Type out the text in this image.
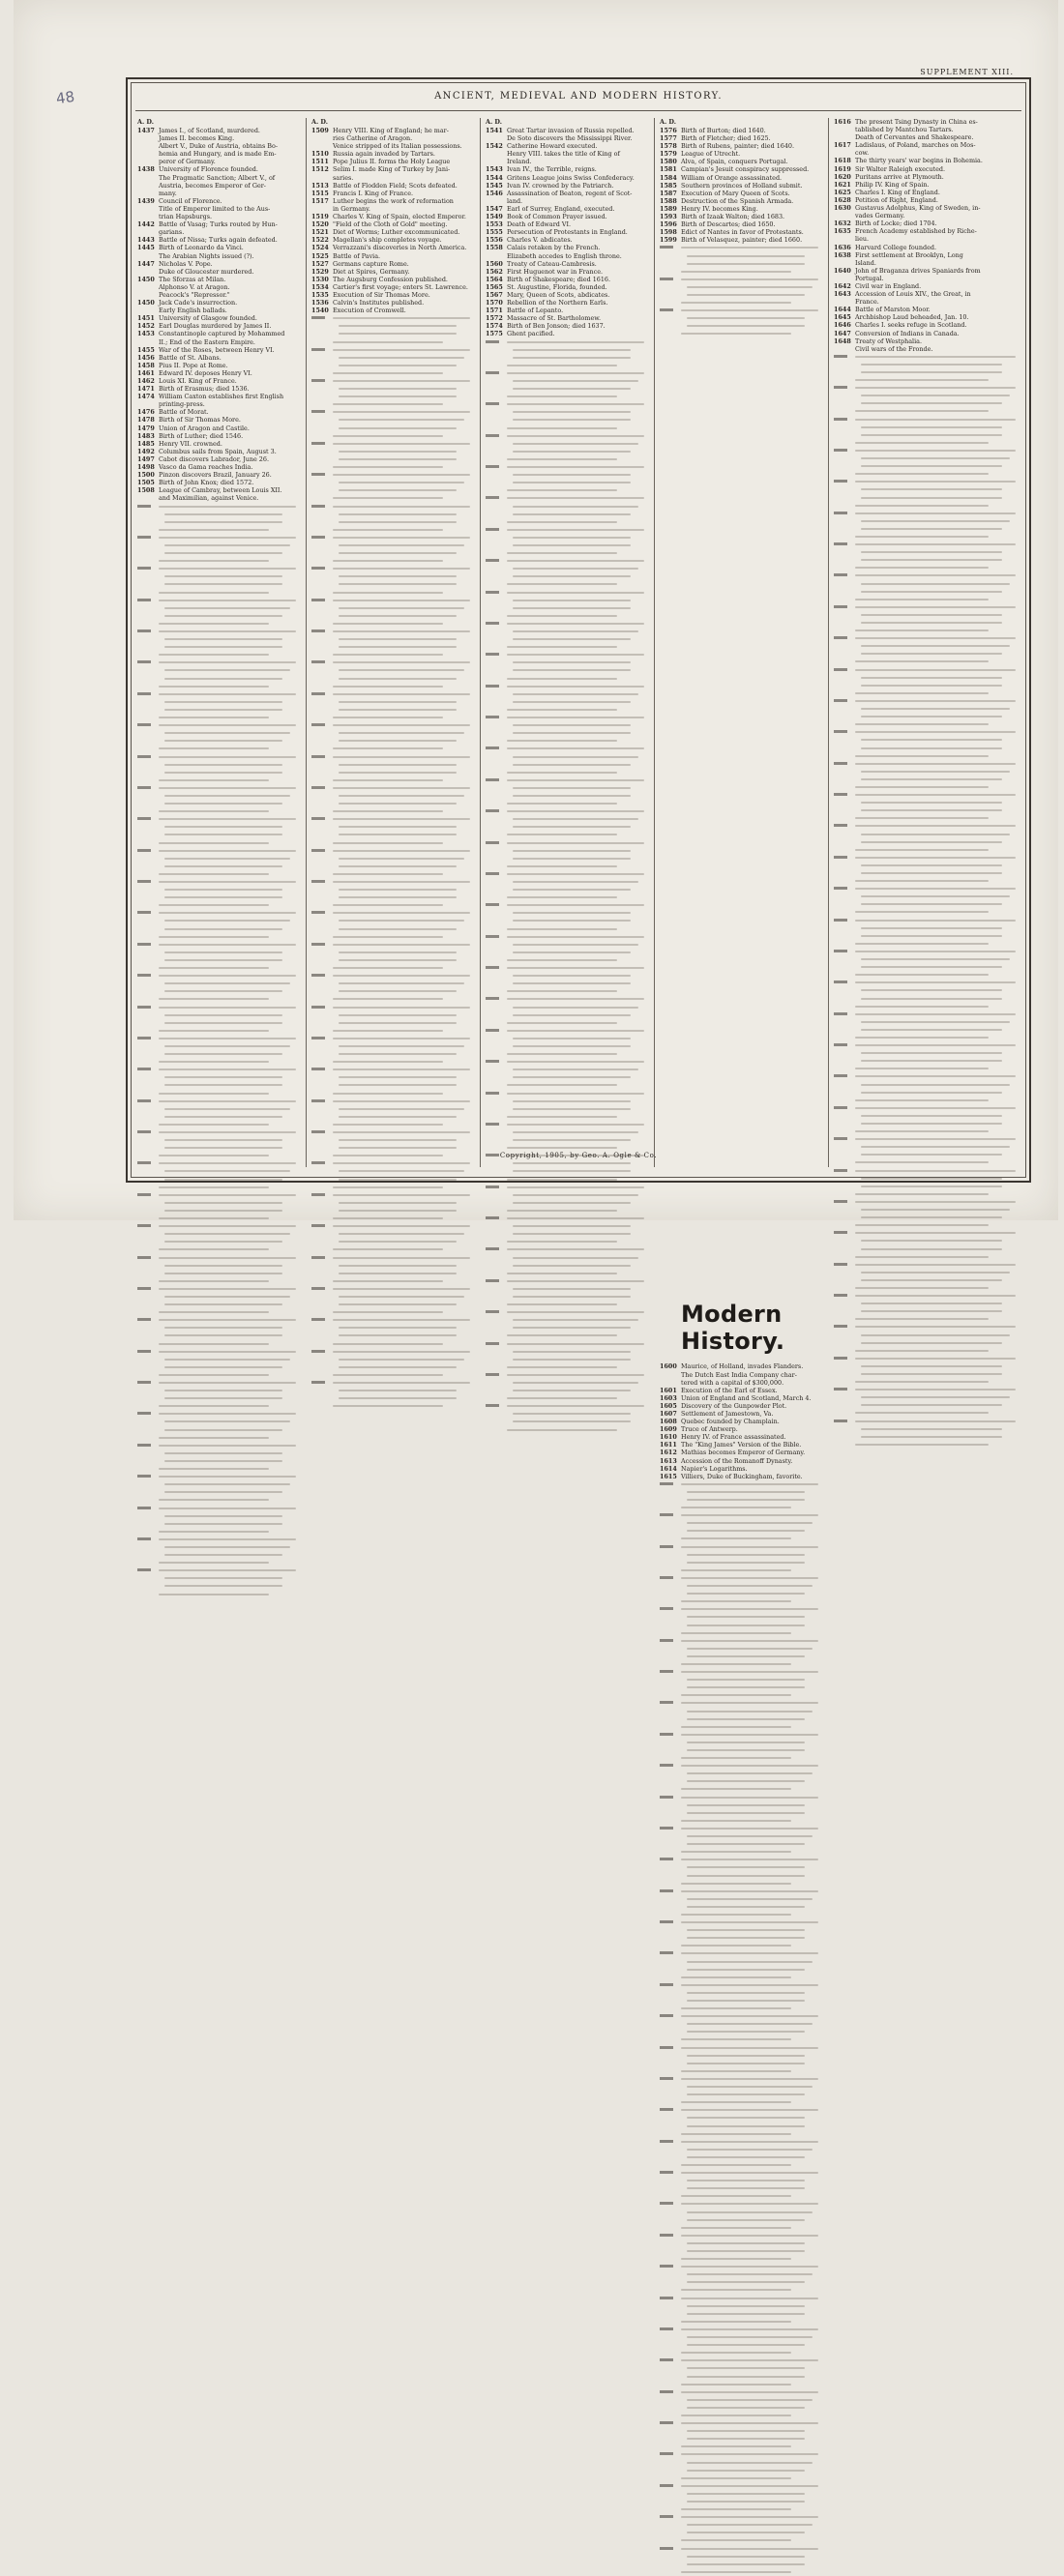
48
SUPPLEMENT XIII.
ANCIENT, MEDIEVAL AND MODERN HISTORY.
A. D.
1437 James I., of Scotland, murdered.
James II. becomes King.
Albert V., Duke of Austria, obtains Bo-
hemia and Hungary, and is made Em-
peror of Germany.
1438 University of Florence founded.
The Pragmatic Sanction; Albert V., of
Austria, becomes Emperor of Ger-
many.
1439 Council of Florence.
Title of Emperor limited to the Aus-
trian Hapsburgs.
1442 Battle of Vasag; Turks routed by Hun-
garians.
1443 Battle of Nissa; Turks again defeated.
1445 Birth of Leonardo da Vinci.
The Arabian Nights issued (?).
1447 Nicholas V. Pope.
Duke of Gloucester murdered.
1450 The Sforzas at Milan.
Alphonso V. at Aragon.
Peacock's "Repressor."
1450 Jack Cade's insurrection.
Early English ballads.
1451 University of Glasgow founded.
1452 Earl Douglas murdered by James II.
1453 Constantinople captured by Mohammed
II.; End of the Eastern Empire.
1455 War of the Roses, between Henry VI.
1456 Battle of St. Albans.
1458 Pius II. Pope at Rome.
1461 Edward IV. deposes Henry VI.
1462 Louis XI. King of France.
1471 Birth of Erasmus; died 1536.
1474 William Caxton establishes first English
printing-press.
1476 Battle of Morat.
1478 Birth of Sir Thomas More.
1479 Union of Aragon and Castile.
1483 Birth of Luther; died 1546.
1485 Henry VII. crowned.
1492 Columbus sails from Spain, August 3.
1497 Cabot discovers Labrador, June 26.
1498 Vasco da Gama reaches India.
1500 Pinzon discovers Brazil, January 26.
1505 Birth of John Knox; died 1572.
1508 League of Cambray, between Louis XII.
and Maximilian, against Venice.
A. D.
1509 Henry VIII. King of England; he mar-
ries Catherine of Aragon.
Venice stripped of its Italian possessions.
1510 Russia again invaded by Tartars.
1511 Pope Julius II. forms the Holy League
1512 Selim I. made King of Turkey by Jani-
saries.
1513 Battle of Flodden Field; Scots defeated.
1515 Francis I. King of France.
1517 Luther begins the work of reformation
in Germany.
1519 Charles V. King of Spain, elected Emperor.
1520 "Field of the Cloth of Gold" meeting.
1521 Diet of Worms; Luther excommunicated.
1522 Magellan's ship completes voyage.
1524 Verrazzani's discoveries in North America.
1525 Battle of Pavia.
1527 Germans capture Rome.
1529 Diet at Spires, Germany.
1530 The Augsburg Confession published.
1534 Cartier's first voyage; enters St. Lawrence.
1535 Execution of Sir Thomas More.
1536 Calvin's Institutes published.
1540 Execution of Cromwell.
A. D.
1541 Great Tartar invasion of Russia repelled.
De Soto discovers the Mississippi River.
1542 Catherine Howard executed.
Henry VIII. takes the title of King of
Ireland.
1543 Ivan IV., the Terrible, reigns.
1544 Gritens League joins Swiss Confederacy.
1545 Ivan IV. crowned by the Patriarch.
1546 Assassination of Beaton, regent of Scot-
land.
1547 Earl of Surrey, England, executed.
1549 Book of Common Prayer issued.
1553 Death of Edward VI.
1555 Persecution of Protestants in England.
1556 Charles V. abdicates.
1558 Calais retaken by the French.
Elizabeth accedes to English throne.
1560 Treaty of Cateau-Cambresis.
1562 First Huguenot war in France.
1564 Birth of Shakespeare; died 1616.
1565 St. Augustine, Florida, founded.
1567 Mary, Queen of Scots, abdicates.
1570 Rebellion of the Northern Earls.
1571 Battle of Lepanto.
1572 Massacre of St. Bartholomew.
1574 Birth of Ben Jonson; died 1637.
1575 Ghent pacified.
A. D.
1576 Birth of Burton; died 1640.
1577 Birth of Fletcher; died 1625.
1578 Birth of Rubens, painter; died 1640.
1579 League of Utrecht.
1580 Alva, of Spain, conquers Portugal.
1581 Campian's Jesuit conspiracy suppressed.
1584 William of Orange assassinated.
1585 Southern provinces of Holland submit.
1587 Execution of Mary Queen of Scots.
1588 Destruction of the Spanish Armada.
1589 Henry IV. becomes King.
1593 Birth of Izaak Walton; died 1683.
1596 Birth of Descartes; died 1650.
1598 Edict of Nantes in favor of Protestants.
1599 Birth of Velasquez, painter; died 1660.
Modern History.
1600 Maurice, of Holland, invades Flanders.
The Dutch East India Company char-
tered with a capital of $300,000.
1601 Execution of the Earl of Essex.
1603 Union of England and Scotland, March 4.
1605 Discovery of the Gunpowder Plot.
1607 Settlement of Jamestown, Va.
1608 Quebec founded by Champlain.
1609 Truce of Antwerp.
1610 Henry IV. of France assassinated.
1611 The "King James" Version of the Bible.
1612 Mathias becomes Emperor of Germany.
1613 Accession of the Romanoff Dynasty.
1614 Napier's Logarithms.
1615 Villiers, Duke of Buckingham, favorite.
1616 The present Tsing Dynasty in China es-
tablished by Mantchou Tartars.
Death of Cervantes and Shakespeare.
1617 Ladislaus, of Poland, marches on Mos-
cow.
1618 The thirty years' war begins in Bohemia.
1619 Sir Walter Raleigh executed.
1620 Puritans arrive at Plymouth.
1621 Philip IV. King of Spain.
1625 Charles I. King of England.
1628 Petition of Right, England.
1630 Gustavus Adolphus, King of Sweden, in-
vades Germany.
1632 Birth of Locke; died 1704.
1635 French Academy established by Riche-
lieu.
1636 Harvard College founded.
1638 First settlement at Brooklyn, Long
Island.
1640 John of Braganza drives Spaniards from
Portugal.
1642 Civil war in England.
1643 Accession of Louis XIV., the Great, in
France.
1644 Battle of Marston Moor.
1645 Archbishop Laud beheaded, Jan. 10.
1646 Charles I. seeks refuge in Scotland.
1647 Conversion of Indians in Canada.
1648 Treaty of Westphalia.
Civil wars of the Fronde.
Copyright, 1905, by Geo. A. Ogle & Co.
